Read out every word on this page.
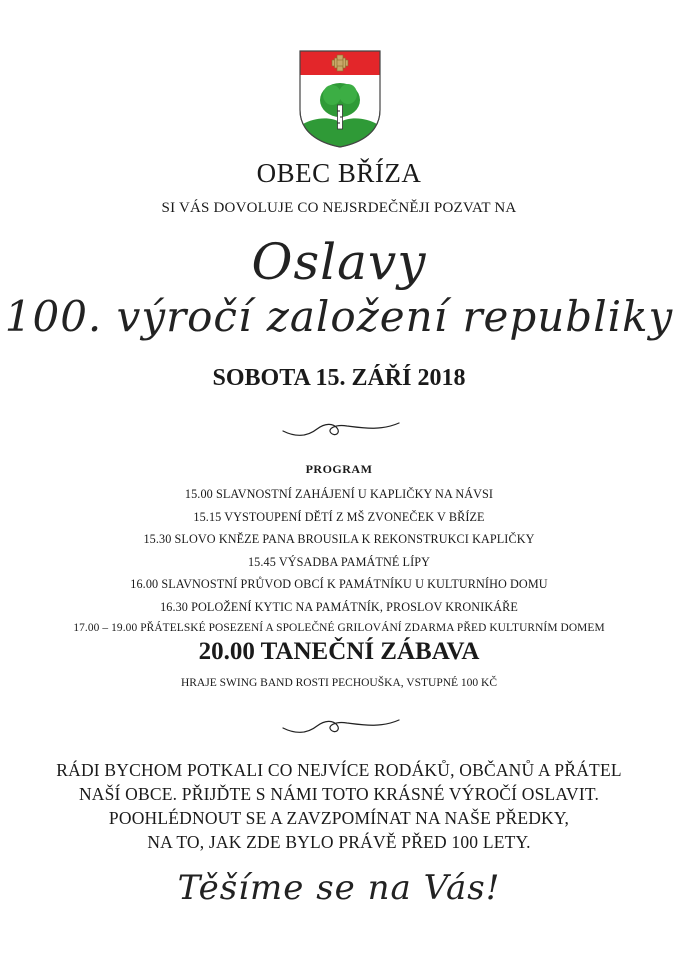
OBEC BŘÍZA
SI VÁS DOVOLUJE CO NEJSRDEČNĚJI POZVAT NA
Oslavy
100. výročí založení republiky
SOBOTA 15. ZÁŘÍ 2018
PROGRAM
15.00 SLAVNOSTNÍ ZAHÁJENÍ U KAPLIČKY NA NÁVSI
15.15 VYSTOUPENÍ DĚTÍ Z MŠ ZVONEČEK V BŘÍZE
15.30 SLOVO KNĚZE PANA BROUSILA K REKONSTRUKCI KAPLIČKY
15.45 VÝSADBA PAMÁTNÉ LÍPY
16.00 SLAVNOSTNÍ PRŮVOD OBCÍ K PAMÁTNÍKU U KULTURNÍHO DOMU
16.30 POLOŽENÍ KYTIC NA PAMÁTNÍK, PROSLOV KRONIKÁŘE
17.00 – 19.00 PŘÁTELSKÉ POSEZENÍ A SPOLEČNÉ GRILOVÁNÍ ZDARMA PŘED KULTURNÍM DOMEM
20.00 TANEČNÍ ZÁBAVA
HRAJE SWING BAND ROSTI PECHOUŠKA, VSTUPNÉ 100 KČ
RÁDI BYCHOM POTKALI CO NEJVÍCE RODÁKŮ, OBČANŮ A PŘÁTEL
NAŠÍ OBCE. PŘIJĎTE S NÁMI TOTO KRÁSNÉ VÝROČÍ OSLAVIT.
POOHLÉDNOUT SE A ZAVZPOMÍNAT NA NAŠE PŘEDKY,
NA TO, JAK ZDE BYLO PRÁVĚ PŘED 100 LETY.
Těšíme se na Vás!
